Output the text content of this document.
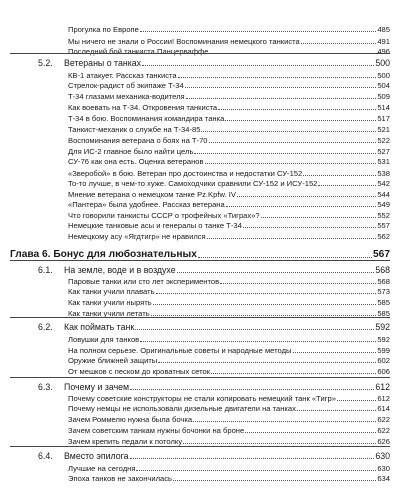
Прогулка по Европе	485
Мы ничего не знали о России! Воспоминания немецкого танкиста	491
Последний бой танкиста Панцерваффе	496
5.2. Ветераны о танках	500
КВ-1 атакует. Рассказ танкиста	500
Стрелок-радист об экипаже Т-34	504
Т-34 глазами механика-водителя	509
Как воевать на Т-34. Откровения танкиста	514
Т-34 в бою. Воспоминания командира танка	517
Танкист-механик о службе на Т-34-85	521
Воспоминания ветерана о боях на Т-70	522
Для ИС-2 главное было найти цель	527
СУ-76 как она есть. Оценка ветеранов	531
«Зверобой» в бою. Ветеран про достоинства и недостатки СУ-152	538
То-то лучше, в чем-то хуже. Самоходчики сравнили СУ-152 и ИСУ-152	542
Мнение ветерана о немецком танке Pz.Kpfw. IV	544
«Пантера» была удобнее. Рассказ ветерана	549
Что говорили танкисты СССР о трофейных «Тиграх»?	552
Немецкие танковые асы и генералы о танке Т-34	557
Немецкому асу «Ягдтигр» не нравился	562
Глава 6. Бонус для любознательных	567
6.1. На земле, воде и в воздухе	568
Паровые танки или сто лет экспериментов	568
Как танки учили плавать	573
Как танки учили нырять	585
Как танки учили летать	585
6.2. Как поймать танк	592
Ловушки для танков	592
На полном серьезе. Оригинальные советы и народные методы	599
Оружие ближней защиты	602
От мешков с песком до кроватных сеток	606
6.3. Почему и зачем	612
Почему советские конструкторы не стали копировать немецкий танк «Тигр»	612
Почему немцы не использовали дизельные двигатели на танках	614
Зачем Роммелю нужна была бочка	622
Зачем советским танкам нужны бочонки на броне	622
Зачем крепить педали к потолку	626
6.4. Вместо эпилога	630
Лучшие на сегодня	630
Эпоха танков не закончилась	634
